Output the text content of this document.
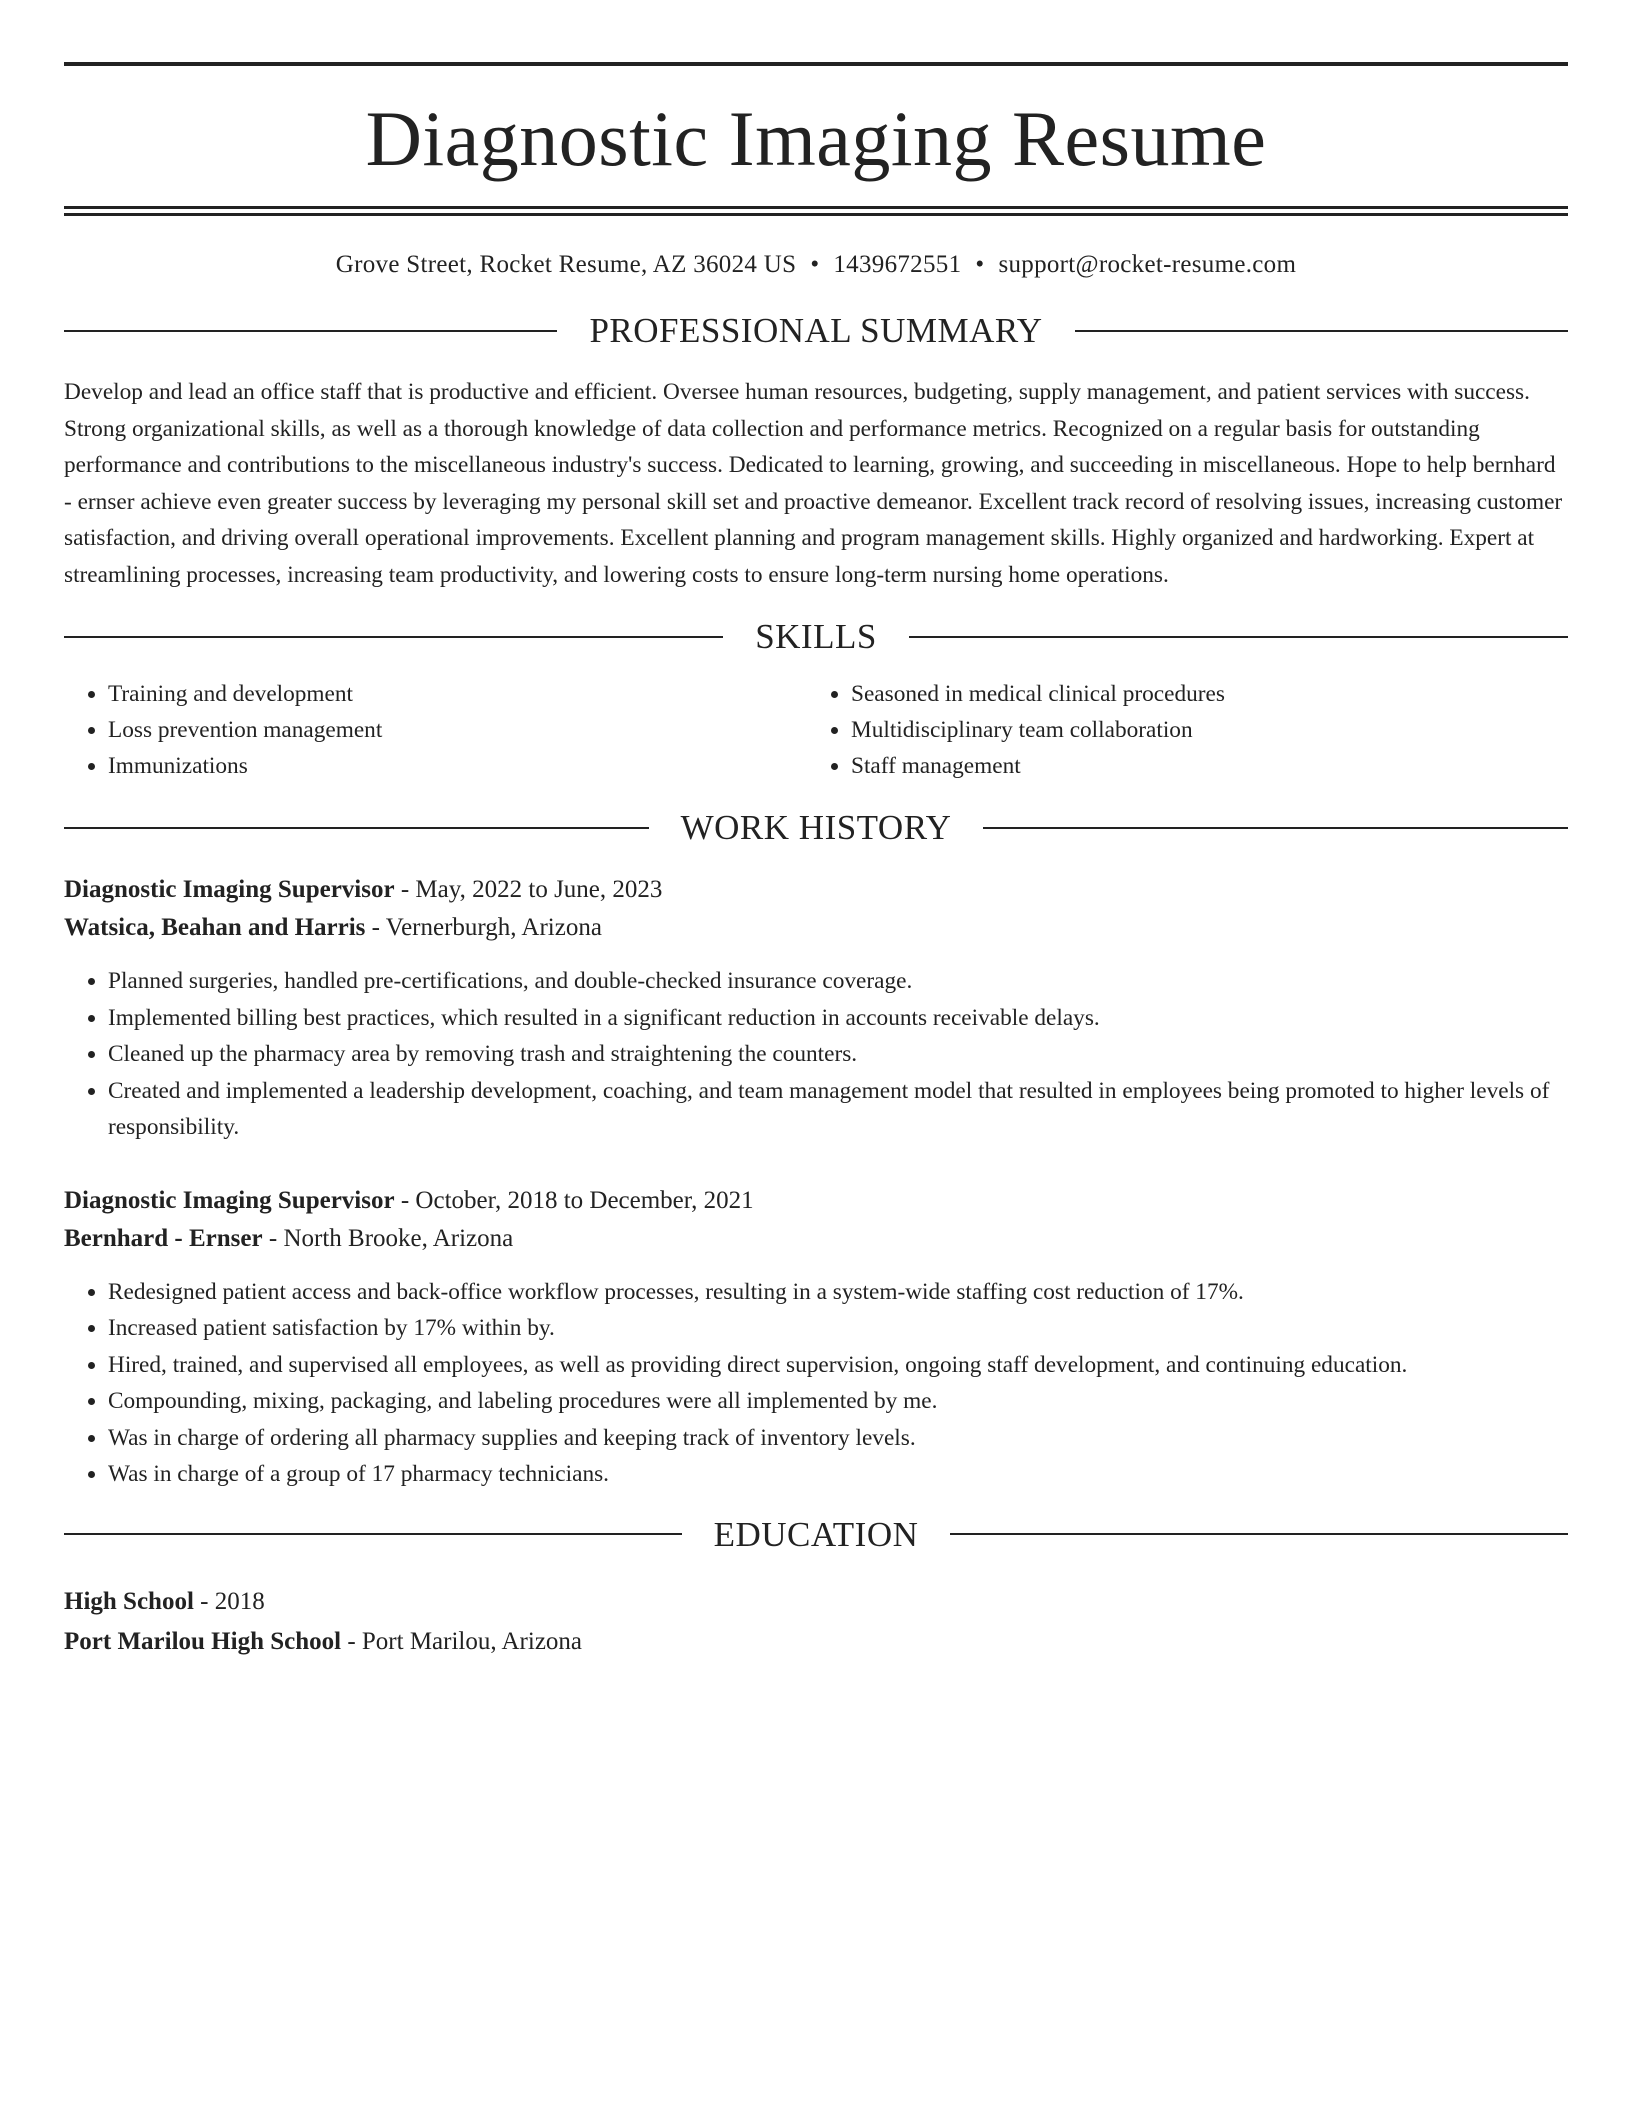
Diagnostic Imaging Resume
Grove Street, Rocket Resume, AZ 36024 US • 1439672551 • support@rocket-resume.com
PROFESSIONAL SUMMARY
Develop and lead an office staff that is productive and efficient. Oversee human resources, budgeting, supply management, and patient services with success. Strong organizational skills, as well as a thorough knowledge of data collection and performance metrics. Recognized on a regular basis for outstanding performance and contributions to the miscellaneous industry's success. Dedicated to learning, growing, and succeeding in miscellaneous. Hope to help bernhard - ernser achieve even greater success by leveraging my personal skill set and proactive demeanor. Excellent track record of resolving issues, increasing customer satisfaction, and driving overall operational improvements. Excellent planning and program management skills. Highly organized and hardworking. Expert at streamlining processes, increasing team productivity, and lowering costs to ensure long-term nursing home operations.
SKILLS
• Training and development
• Loss prevention management
• Immunizations
• Seasoned in medical clinical procedures
• Multidisciplinary team collaboration
• Staff management
WORK HISTORY
Diagnostic Imaging Supervisor - May, 2022 to June, 2023
Watsica, Beahan and Harris - Vernerburgh, Arizona
• Planned surgeries, handled pre-certifications, and double-checked insurance coverage.
• Implemented billing best practices, which resulted in a significant reduction in accounts receivable delays.
• Cleaned up the pharmacy area by removing trash and straightening the counters.
• Created and implemented a leadership development, coaching, and team management model that resulted in employees being promoted to higher levels of responsibility.
Diagnostic Imaging Supervisor - October, 2018 to December, 2021
Bernhard - Ernser - North Brooke, Arizona
• Redesigned patient access and back-office workflow processes, resulting in a system-wide staffing cost reduction of 17%.
• Increased patient satisfaction by 17% within by.
• Hired, trained, and supervised all employees, as well as providing direct supervision, ongoing staff development, and continuing education.
• Compounding, mixing, packaging, and labeling procedures were all implemented by me.
• Was in charge of ordering all pharmacy supplies and keeping track of inventory levels.
• Was in charge of a group of 17 pharmacy technicians.
EDUCATION
High School - 2018
Port Marilou High School - Port Marilou, Arizona
